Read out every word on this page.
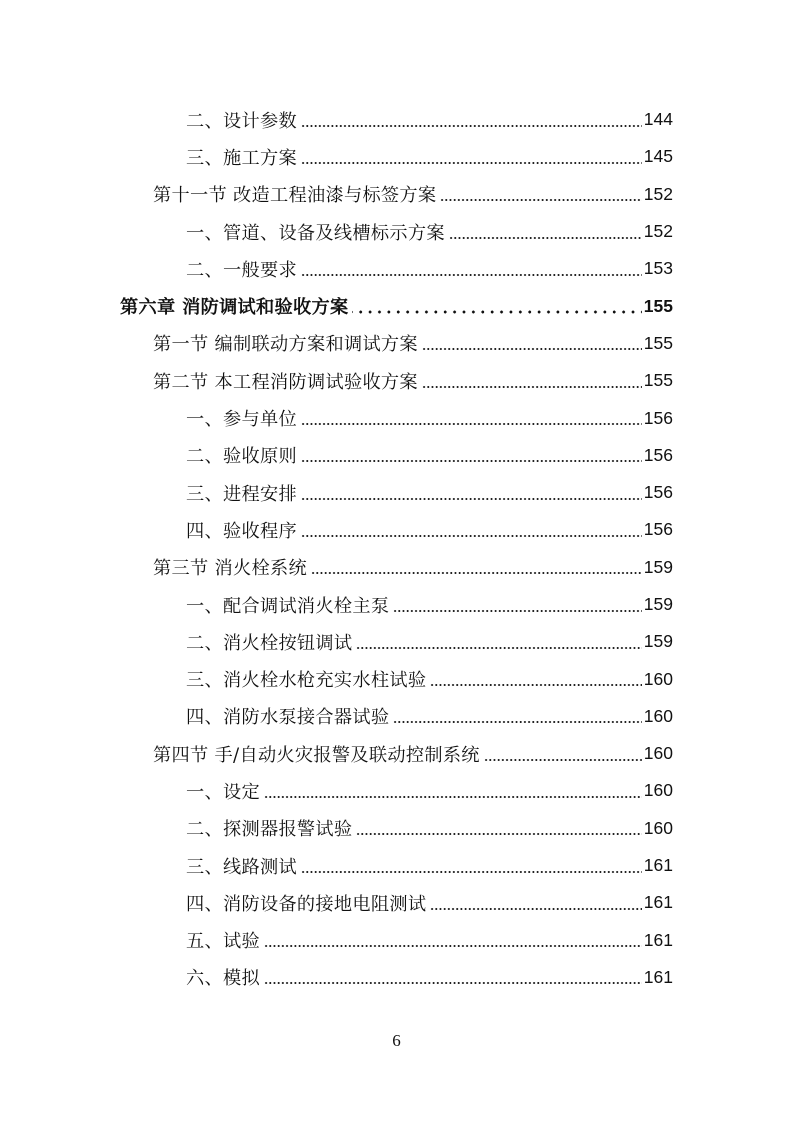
二、设计参数	144
三、施工方案	145
第十一节 改造工程油漆与标签方案	152
一、管道、设备及线槽标示方案	152
二、一般要求	153
第六章 消防调试和验收方案	155
第一节 编制联动方案和调试方案	155
第二节 本工程消防调试验收方案	155
一、参与单位	156
二、验收原则	156
三、进程安排	156
四、验收程序	156
第三节 消火栓系统	159
一、配合调试消火栓主泵	159
二、消火栓按钮调试	159
三、消火栓水枪充实水柱试验	160
四、消防水泵接合器试验	160
第四节 手/自动火灾报警及联动控制系统	160
一、设定	160
二、探测器报警试验	160
三、线路测试	161
四、消防设备的接地电阻测试	161
五、试验	161
六、模拟	161
6
